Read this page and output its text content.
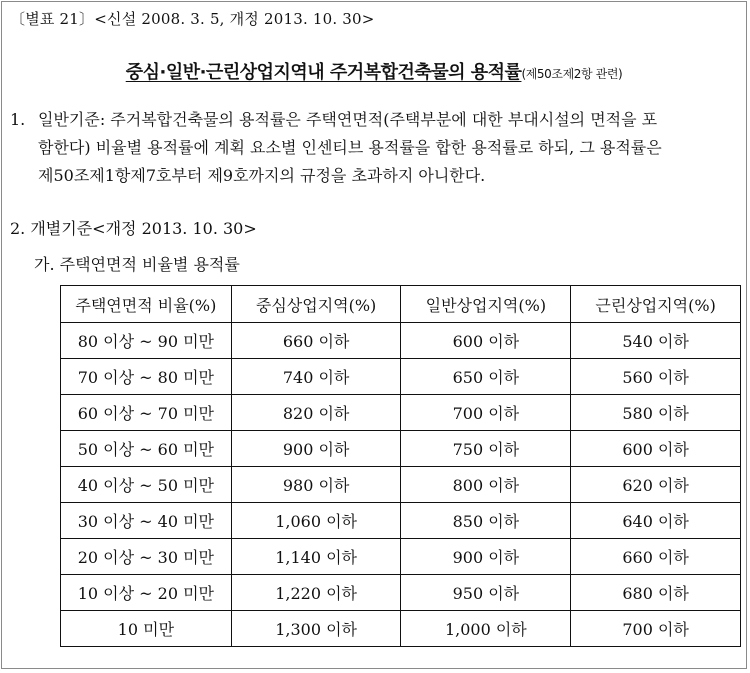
〔별표 21〕<신설 2008. 3. 5, 개정 2013. 10. 30>
중심·일반·근린상업지역내 주거복합건축물의 용적률(제50조제2항 관련)
1. 일반기준: 주거복합건축물의 용적률은 주택연면적(주택부분에 대한 부대시설의 면적을 포
함한다) 비율별 용적률에 계획 요소별 인센티브 용적률을 합한 용적률로 하되, 그 용적률은
제50조제1항제7호부터 제9호까지의 규정을 초과하지 아니한다.
2. 개별기준<개정 2013. 10. 30>
가. 주택연면적 비율별 용적률
주택연면적 비율(%)	중심상업지역(%)	일반상업지역(%)	근린상업지역(%)
80 이상 ~ 90 미만	660 이하	600 이하	540 이하
70 이상 ~ 80 미만	740 이하	650 이하	560 이하
60 이상 ~ 70 미만	820 이하	700 이하	580 이하
50 이상 ~ 60 미만	900 이하	750 이하	600 이하
40 이상 ~ 50 미만	980 이하	800 이하	620 이하
30 이상 ~ 40 미만	1,060 이하	850 이하	640 이하
20 이상 ~ 30 미만	1,140 이하	900 이하	660 이하
10 이상 ~ 20 미만	1,220 이하	950 이하	680 이하
10 미만	1,300 이하	1,000 이하	700 이하
